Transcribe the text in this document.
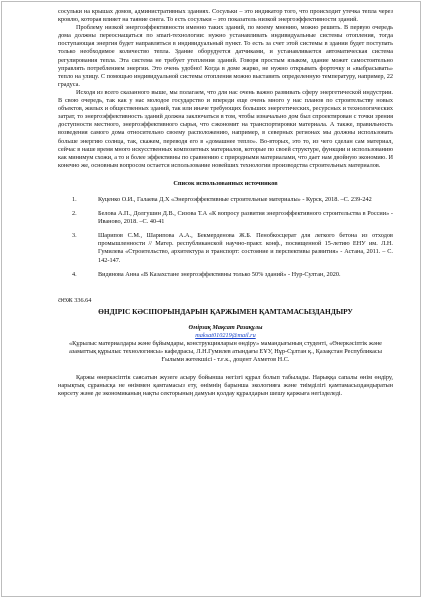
сосульки на крышах домов, административных зданиях. Сосульки – это индикатор того, что происходит утечка тепла через кровлю, которая влияет на таяние снега. То есть сосульки – это показатель низкой энергоэффективности зданий.

Проблему низкой энергоэффективности именно таких зданий, по моему мнению, можно решить. В первую очередь дома должны переоснащаться по smart-технологии: нужно устанавливать индивидуальные системы отопления, тогда поступающая энергия будет направляться в индивидуальный пункт. То есть за счет этой системы в здании будет поступать только необходимое количество тепла. Здание оборудуется датчиками, и устанавливается автоматическая система регулирования тепла. Эта система не требует утепления зданий. Говоря простым языком, здание может самостоятельно управлять потреблением энергии. Это очень удобно! Когда в доме жарко, не нужно открывать форточку и «выбрасывать» тепло на улицу. С помощью индивидуальной системы отопления можно выставить определенную температуру, например, 22 градуса.

Исходя из всего сказанного выше, мы полагаем, что для нас очень важно развивать сферу энергетической индустрии. В свою очередь, так как у нас молодое государство и впереди еще очень много у нас планов по строительству новых объектов, жилых и общественных зданий, так или иначе требующих больших энергетических, ресурсных и технологических затрат, то энергоэффективность зданий должна заключаться в том, чтобы изначально дом был спроектирован с точки зрения доступности местного, энергоэффективного сырья, что сэкономит на транспортировки материала. А также, правильность возведения самого дома относительно своему расположению, например, в северных регионах мы должны использовать больше энергию солнца, так, скажем, переводя его в «домашнее тепло». Во-вторых, это то, из чего сделан сам материал, сейчас в наше время много искусственных композитных материалов, которые по своей структуре, функции и использованию как минимум схожи, а то и более эффективны по сравнению с природными материалами, что дает нам двойную экономию. И конечно же, основным вопросом остается использование новейших технологии производства строительных материалов.

Список использованных источников

1.	Куценко О.И., Галаева Д.Х «Энергоэффективные строительные материалы» - Курск, 2018. –С. 239-242
2.	Белова А.П., Долгушин Д.В., Сизова Т.А «К вопросу развития энергоэффективного строительства в России» - Иваново, 2018. –С. 40-41
3.	Шарипов С.М., Шарипова А.А., Бекмерденова Ж.Б. Пенобкосцерат для легкого бетона из отходов промышленности // Матер. республиканской научно-практ. конф., посвященной 15-летию ЕНУ им. Л.Н. Гумилева «Строительство, архитектура и транспорт: состояние и перспективы развития» - Астана, 2011. – С. 142-147.
4.	Видянова Анна «В Казахстане энергоэффективны только 50% зданий» - Нур-Султан, 2020.

ӘӨЖ 336.64

ӨНДІРІС КӘСІПОРЫНДАРЫН ҚАРЖЫМЕН ҚАМТАМАСЫЗДАНДЫРУ

Өмірзақ Мақсат Разақұлы

maksat010219@mail.ru

«Құрылыс материалдары және бұйымдары, конструкцияларын өндіру» мамандығының студенті, «Өнеркәсіптік және азаматтық құрылыс технологиясы» кафедрасы, Л.Н.Гумилев атындағы ЕҰУ, Нұр-Сұлтан қ., Қазақстан Республикасы

Ғылыми жетекшісі - т.ғ.к., доцент Ахметов Н.С.

Қаржы өнеркәсіптік саясатын жүзеге асыру бойынша негізгі құрал болып табылады. Нарыққа сапалы өнім өндіру, нарықтық сұранысқа не өніммен қамтамасыз ету, өнімнің барынша экологияға және тиімділігі қамтамасыздандыратын көрсету және де экономиканың нақты секторының дамуын қолдау құралдарын шешу қаржыға негізделеді.
